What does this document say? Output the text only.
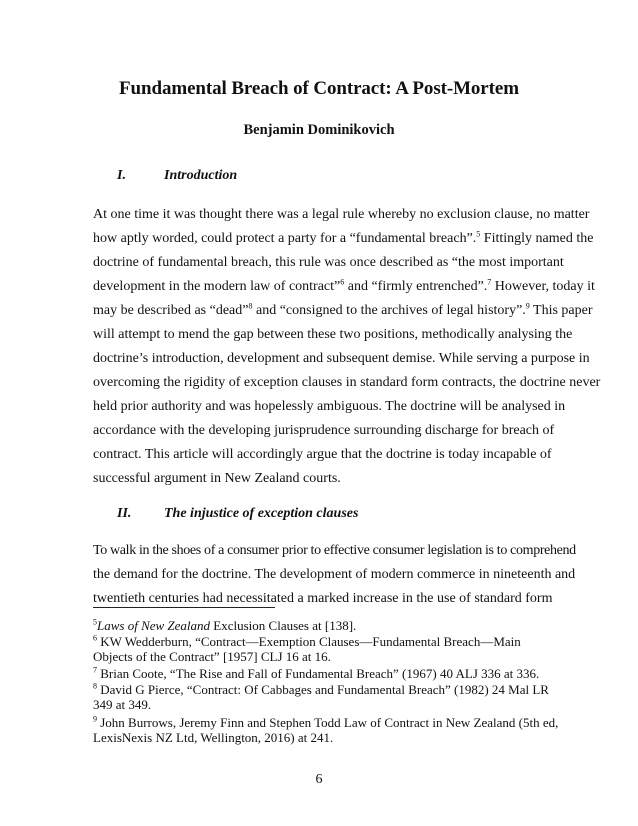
Fundamental Breach of Contract: A Post-Mortem
Benjamin Dominikovich
I.	Introduction
At one time it was thought there was a legal rule whereby no exclusion clause, no matter
how aptly worded, could protect a party for a “fundamental breach”.$^5$ Fittingly named the
doctrine of fundamental breach, this rule was once described as “the most important
development in the modern law of contract”$^6$ and “firmly entrenched”.$^7$ However, today it
may be described as “dead”$^8$ and “consigned to the archives of legal history”.$^9$ This paper
will attempt to mend the gap between these two positions, methodically analysing the
doctrine’s introduction, development and subsequent demise. While serving a purpose in
overcoming the rigidity of exception clauses in standard form contracts, the doctrine never
held prior authority and was hopelessly ambiguous. The doctrine will be analysed in
accordance with the developing jurisprudence surrounding discharge for breach of
contract. This article will accordingly argue that the doctrine is today incapable of
successful argument in New Zealand courts.
II. The injustice of exception clauses
To walk in the shoes of a consumer prior to effective consumer legislation is to comprehend
the demand for the doctrine. The development of modern commerce in nineteenth and
twentieth centuries had necessitated a marked increase in the use of standard form
$^5$Laws of New Zealand Exclusion Clauses at [138].
$^6$ KW Wedderburn, “Contract—Exemption Clauses—Fundamental Breach—Main
Objects of the Contract” [1957] CLJ 16 at 16.
$^7$ Brian Coote, “The Rise and Fall of Fundamental Breach” (1967) 40 ALJ 336 at 336.
$^8$ David G Pierce, “Contract: Of Cabbages and Fundamental Breach” (1982) 24 Mal LR
349 at 349.
$^9$ John Burrows, Jeremy Finn and Stephen Todd Law of Contract in New Zealand (5th ed,
LexisNexis NZ Ltd, Wellington, 2016) at 241.
6
